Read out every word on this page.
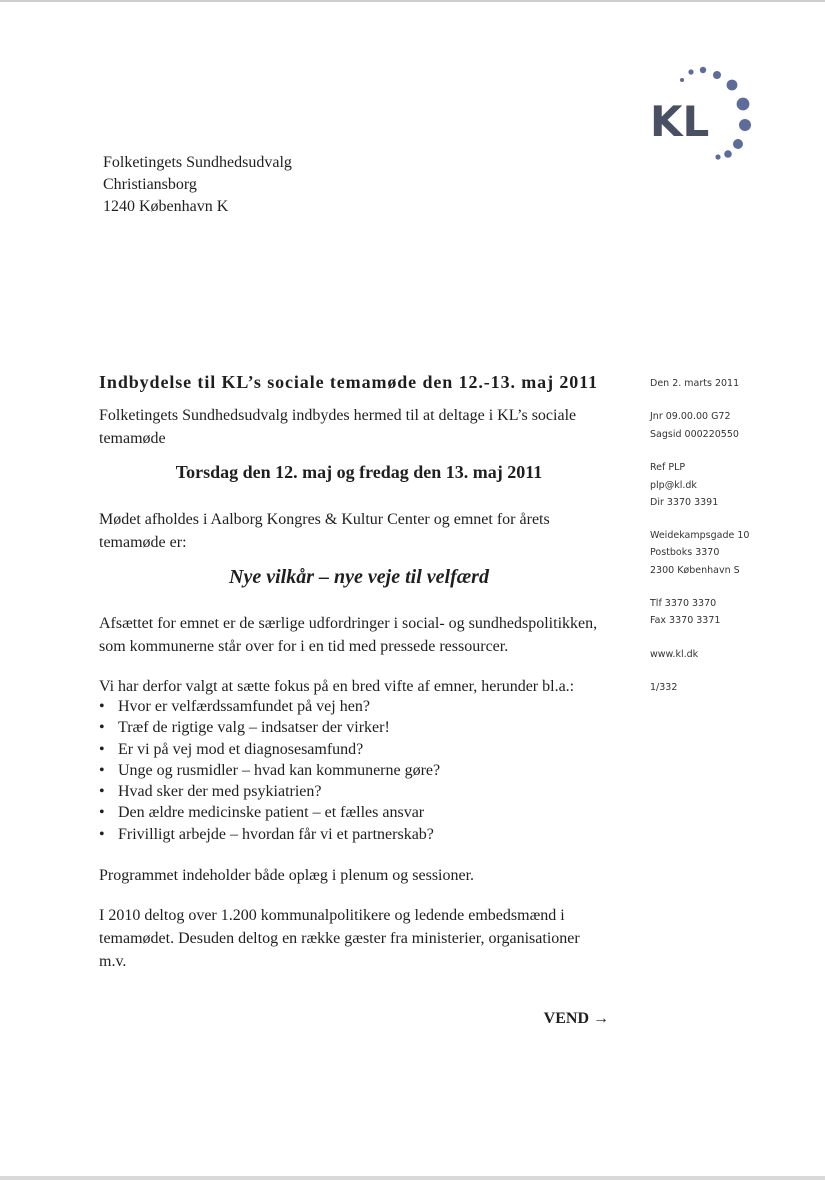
KL
Folketingets Sundhedsudvalg
Christiansborg
1240 København K
Indbydelse til KL’s sociale temamøde den 12.-13. maj 2011
Folketingets Sundhedsudvalg indbydes hermed til at deltage i KL’s sociale temamøde
Torsdag den 12. maj og fredag den 13. maj 2011
Mødet afholdes i Aalborg Kongres & Kultur Center og emnet for årets temamøde er:
Nye vilkår – nye veje til velfærd
Afsættet for emnet er de særlige udfordringer i social- og sundhedspolitikken, som kommunerne står over for i en tid med pressede ressourcer.
Vi har derfor valgt at sætte fokus på en bred vifte af emner, herunder bl.a.:
• Hvor er velfærdssamfundet på vej hen?
• Træf de rigtige valg – indsatser der virker!
• Er vi på vej mod et diagnosesamfund?
• Unge og rusmidler – hvad kan kommunerne gøre?
• Hvad sker der med psykiatrien?
• Den ældre medicinske patient – et fælles ansvar
• Frivilligt arbejde – hvordan får vi et partnerskab?
Programmet indeholder både oplæg i plenum og sessioner.
I 2010 deltog over 1.200 kommunalpolitikere og ledende embedsmænd i temamødet. Desuden deltog en række gæster fra ministerier, organisationer m.v.
VEND →
Den 2. marts 2011
Jnr 09.00.00 G72
Sagsid 000220550
Ref PLP
plp@kl.dk
Dir 3370 3391
Weidekampsgade 10
Postboks 3370
2300 København S
Tlf 3370 3370
Fax 3370 3371
www.kl.dk
1/332
